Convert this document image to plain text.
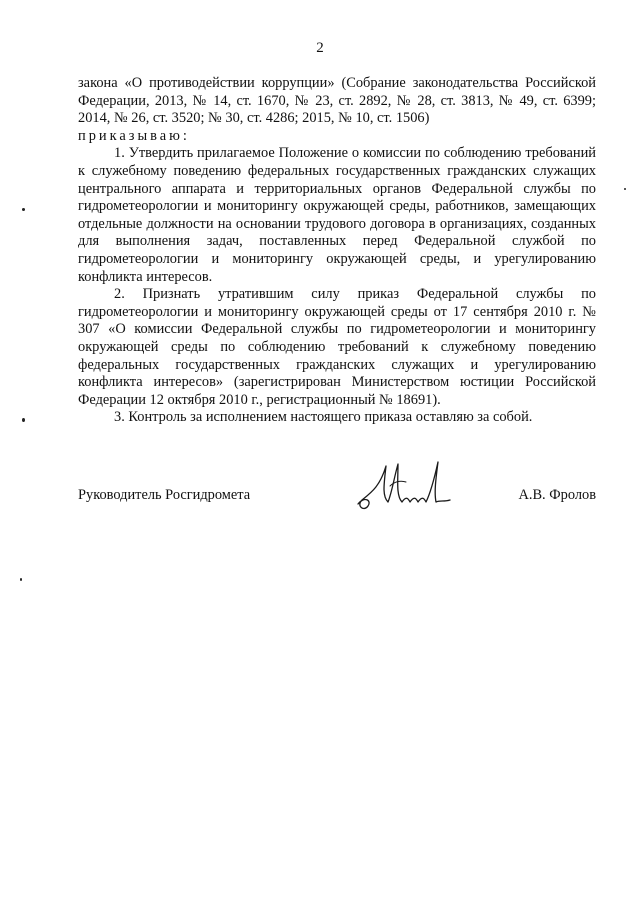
2

закона «О противодействии коррупции» (Собрание законодательства Российской Федерации, 2013, № 14, ст. 1670, № 23, ст. 2892, № 28, ст. 3813, № 49, ст. 6399; 2014, № 26, ст. 3520; № 30, ст. 4286; 2015, № 10, ст. 1506)

приказываю:

1. Утвердить прилагаемое Положение о комиссии по соблюдению требований к служебному поведению федеральных государственных гражданских служащих центрального аппарата и территориальных органов Федеральной службы по гидрометеорологии и мониторингу окружающей среды, работников, замещающих отдельные должности на основании трудового договора в организациях, созданных для выполнения задач, поставленных перед Федеральной службой по гидрометеорологии и мониторингу окружающей среды, и урегулированию конфликта интересов.

2. Признать утратившим силу приказ Федеральной службы по гидрометеорологии и мониторингу окружающей среды от 17 сентября 2010 г. № 307 «О комиссии Федеральной службы по гидрометеорологии и мониторингу окружающей среды по соблюдению требований к служебному поведению федеральных государственных гражданских служащих и урегулированию конфликта интересов» (зарегистрирован Министерством юстиции Российской Федерации 12 октября 2010 г., регистрационный № 18691).

3. Контроль за исполнением настоящего приказа оставляю за собой.

Руководитель Росгидромета	А.В. Фролов
